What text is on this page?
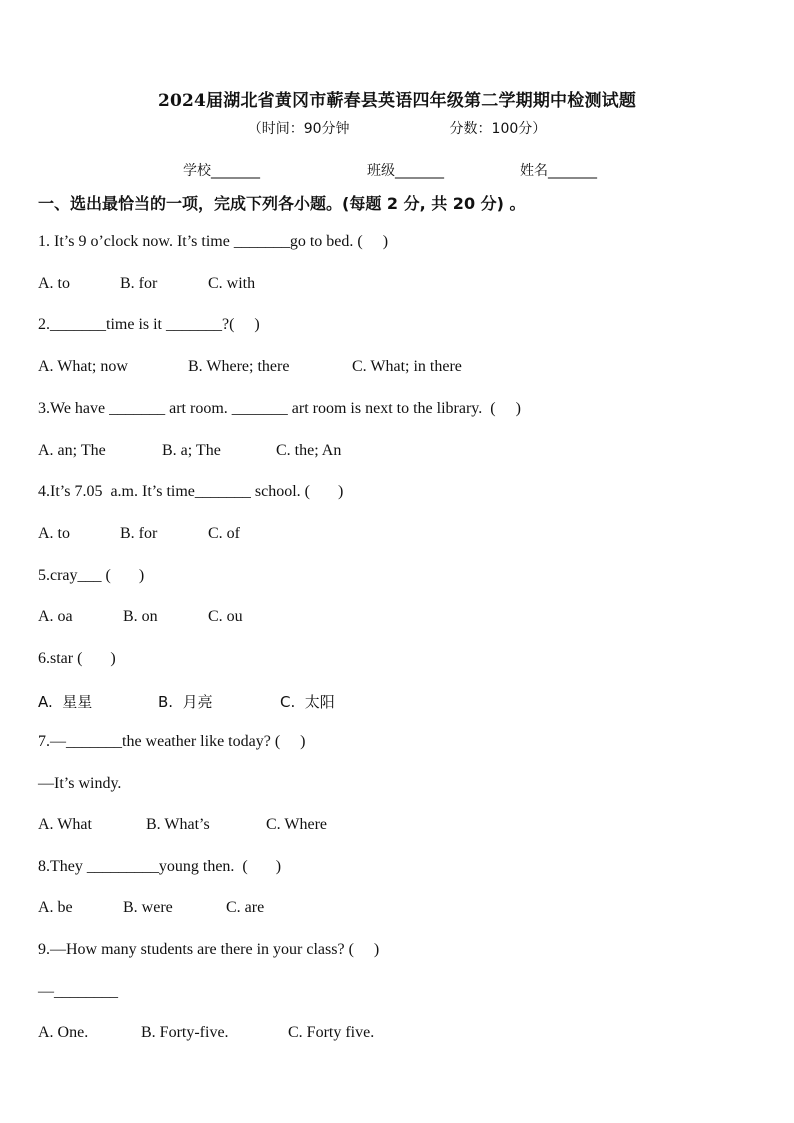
2024届湖北省黄冈市蕲春县英语四年级第二学期期中检测试题
（时间：90分钟	分数：100分）
学校_______	班级_______	姓名_______
一、选出最恰当的一项，完成下列各小题。(每题 2 分, 共 20 分) 。
1. It’s 9 o’clock now. It’s time _______go to bed. (     )
A. to	B. for	C. with
2._______time is it _______?(     )
A. What; now	B. Where; there	C. What; in there
3.We have _______ art room. _______ art room is next to the library.  (     )
A. an; The	B. a; The	C. the; An
4.It’s 7.05  a.m. It’s time_______ school. (       )
A. to	B. for	C. of
5.cray___ (       )
A. oa	B. on	C. ou
6.star (       )
A.  星星	B.  月亮	C.  太阳
7.—_______the weather like today? (     )
—It’s windy.
A. What	B. What’s	C. Where
8.They _________young then.  (       )
A. be	B. were	C. are
9.—How many students are there in your class? (     )
—________
A. One.	B. Forty-five.	C. Forty five.
